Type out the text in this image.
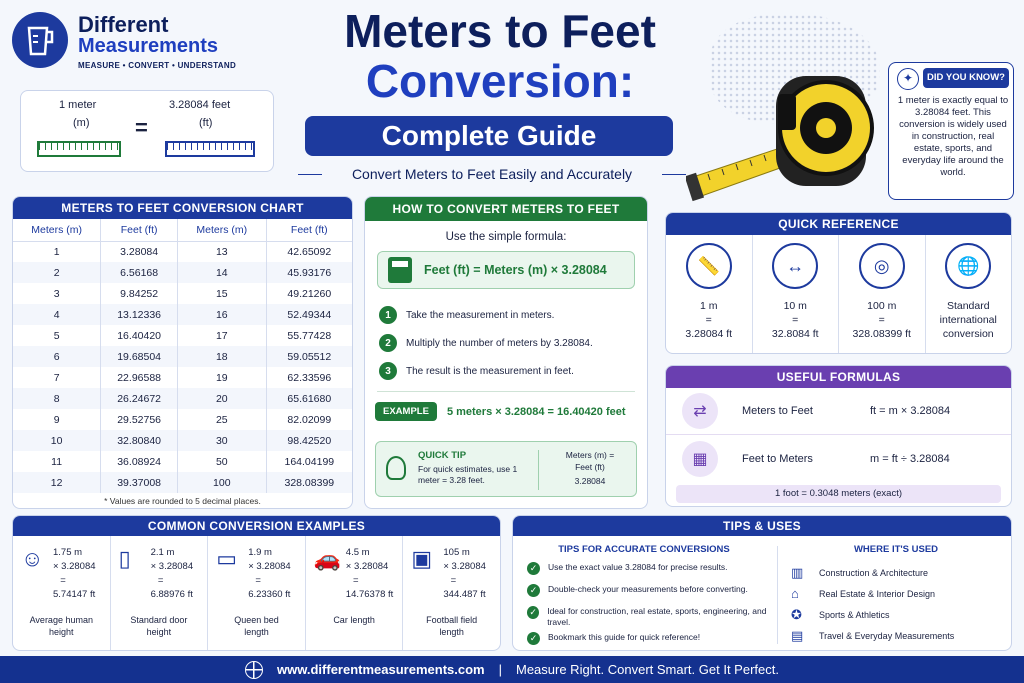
Different
Measurements
MEASURE • CONVERT • UNDERSTAND
1 meter
(m) =
3.28084 feet
(ft)
Meters to Feet
Conversion:
Complete Guide
Convert Meters to Feet Easily and Accurately
✦	DID YOU KNOW?
1 meter is exactly equal to 3.28084 feet. This conversion is widely used in construction, real estate, sports, and everyday life around the world.
METERS TO FEET CONVERSION CHART
Meters (m)	Feet (ft)	Meters (m)	Feet (ft)
1	3.28084	13	42.65092
2	6.56168	14	45.93176
3	9.84252	15	49.21260
4	13.12336	16	52.49344
5	16.40420	17	55.77428
6	19.68504	18	59.05512
7	22.96588	19	62.33596
8	26.24672	20	65.61680
9	29.52756	25	82.02099
10	32.80840	30	98.42520
11	36.08924	50	164.04199
12	39.37008	100	328.08399
* Values are rounded to 5 decimal places.
HOW TO CONVERT METERS TO FEET
Use the simple formula:
Feet (ft) = Meters (m) × 3.28084
1	Take the measurement in meters.
2	Multiply the number of meters by 3.28084.
3	The result is the measurement in feet.
EXAMPLE	5 meters × 3.28084 = 16.40420 feet
QUICK TIP
For quick estimates, use 1 meter = 3.28 feet.
Meters (m) =
Feet (ft)
3.28084
QUICK REFERENCE
📏
1 m
=
3.28084 ft
↔
10 m
=
32.8084 ft
◎
100 m
=
328.08399 ft
🌐
Standard
international
conversion
USEFUL FORMULAS
⇄	Meters to Feet	ft = m × 3.28084
▦	Feet to Meters	m = ft ÷ 3.28084
1 foot = 0.3048 meters (exact)
COMMON CONVERSION EXAMPLES
☺ 1.75 m
× 3.28084
=
5.74147 ft
Average human
height
▯ 2.1 m
× 3.28084
=
6.88976 ft
Standard door
height
▭ 1.9 m
× 3.28084
=
6.23360 ft
Queen bed
length
🚗 4.5 m
× 3.28084
=
14.76378 ft
Car length
▣ 105 m
× 3.28084
=
344.487 ft
Football field
length
TIPS & USES
TIPS FOR ACCURATE CONVERSIONS
✓	Use the exact value 3.28084 for precise results.
✓	Double-check your measurements before converting.
✓ Ideal for construction, real estate, sports, engineering, and travel.
✓	Bookmark this guide for quick reference!
WHERE IT'S USED
▥	Construction & Architecture
⌂	Real Estate & Interior Design
✪	Sports & Athletics
▤	Travel & Everyday Measurements
www.differentmeasurements.com | Measure Right. Convert Smart. Get It Perfect.
